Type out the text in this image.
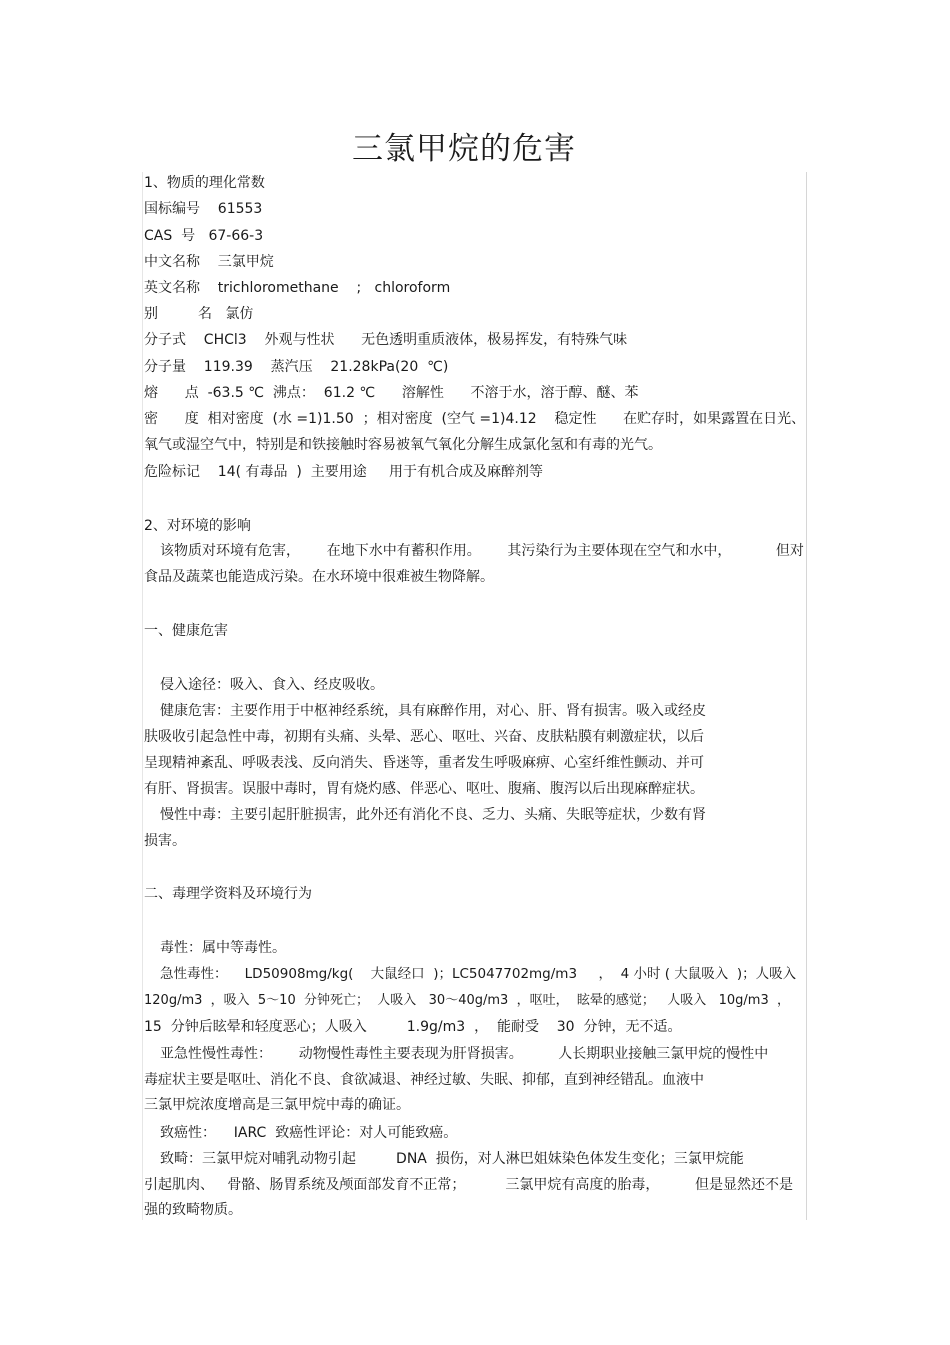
三氯甲烷的危害
1、物质的理化常数
国标编号    61553
CAS  号   67-66-3
中文名称    三氯甲烷
英文名称    trichloromethane    ;   chloroform
别         名   氯仿
分子式    CHCl3    外观与性状      无色透明重质液体，极易挥发，有特殊气味
分子量    119.39    蒸汽压    21.28kPa(20  ℃)
熔      点  -63.5 ℃  沸点：  61.2 ℃      溶解性      不溶于水，溶于醇、醚、苯
密      度  相对密度  (水 =1)1.50  ；相对密度  (空气 =1)4.12    稳定性      在贮存时，如果露置在日光、
氧气或湿空气中，特别是和铁接触时容易被氧气氧化分解生成氯化氢和有毒的光气。
危险标记    14( 有毒品  )  主要用途     用于有机合成及麻醉剂等
2、对环境的影响
该物质对环境有危害，      在地下水中有蓄积作用。      其污染行为主要体现在空气和水中，          但对
食品及蔬菜也能造成污染。在水环境中很难被生物降解。
一、健康危害
侵入途径：吸入、食入、经皮吸收。
健康危害：主要作用于中枢神经系统，具有麻醉作用，对心、肝、肾有损害。吸入或经皮
肤吸收引起急性中毒，初期有头痛、头晕、恶心、呕吐、兴奋、皮肤粘膜有刺激症状，以后
呈现精神紊乱、呼吸表浅、反向消失、昏迷等，重者发生呼吸麻痹、心室纤维性颤动、并可
有肝、肾损害。误服中毒时，胃有烧灼感、伴恶心、呕吐、腹痛、腹泻以后出现麻醉症状。
慢性中毒：主要引起肝脏损害，此外还有消化不良、乏力、头痛、失眠等症状，少数有肾
损害。
二、毒理学资料及环境行为
毒性：属中等毒性。
急性毒性：    LD50908mg/kg(    大鼠经口  )；LC5047702mg/m3     ，  4 小时 ( 大鼠吸入  )；人吸入
120g/m3  ，吸入  5～10  分钟死亡；  人吸入   30～40g/m3  ，呕吐，  眩晕的感觉；   人吸入   10g/m3  ，
15  分钟后眩晕和轻度恶心；人吸入         1.9g/m3  ，  能耐受    30  分钟，无不适。
亚急性慢性毒性：      动物慢性毒性主要表现为肝肾损害。        人长期职业接触三氯甲烷的慢性中
毒症状主要是呕吐、消化不良、食欲减退、神经过敏、失眠、抑郁，直到神经错乱。血液中
三氯甲烷浓度增高是三氯甲烷中毒的确证。
致癌性：    IARC  致癌性评论：对人可能致癌。
致畸：三氯甲烷对哺乳动物引起         DNA  损伤，对人淋巴姐妹染色体发生变化；三氯甲烷能
引起肌肉、   骨骼、肠胃系统及颅面部发育不正常；         三氯甲烷有高度的胎毒，        但是显然还不是
强的致畸物质。
